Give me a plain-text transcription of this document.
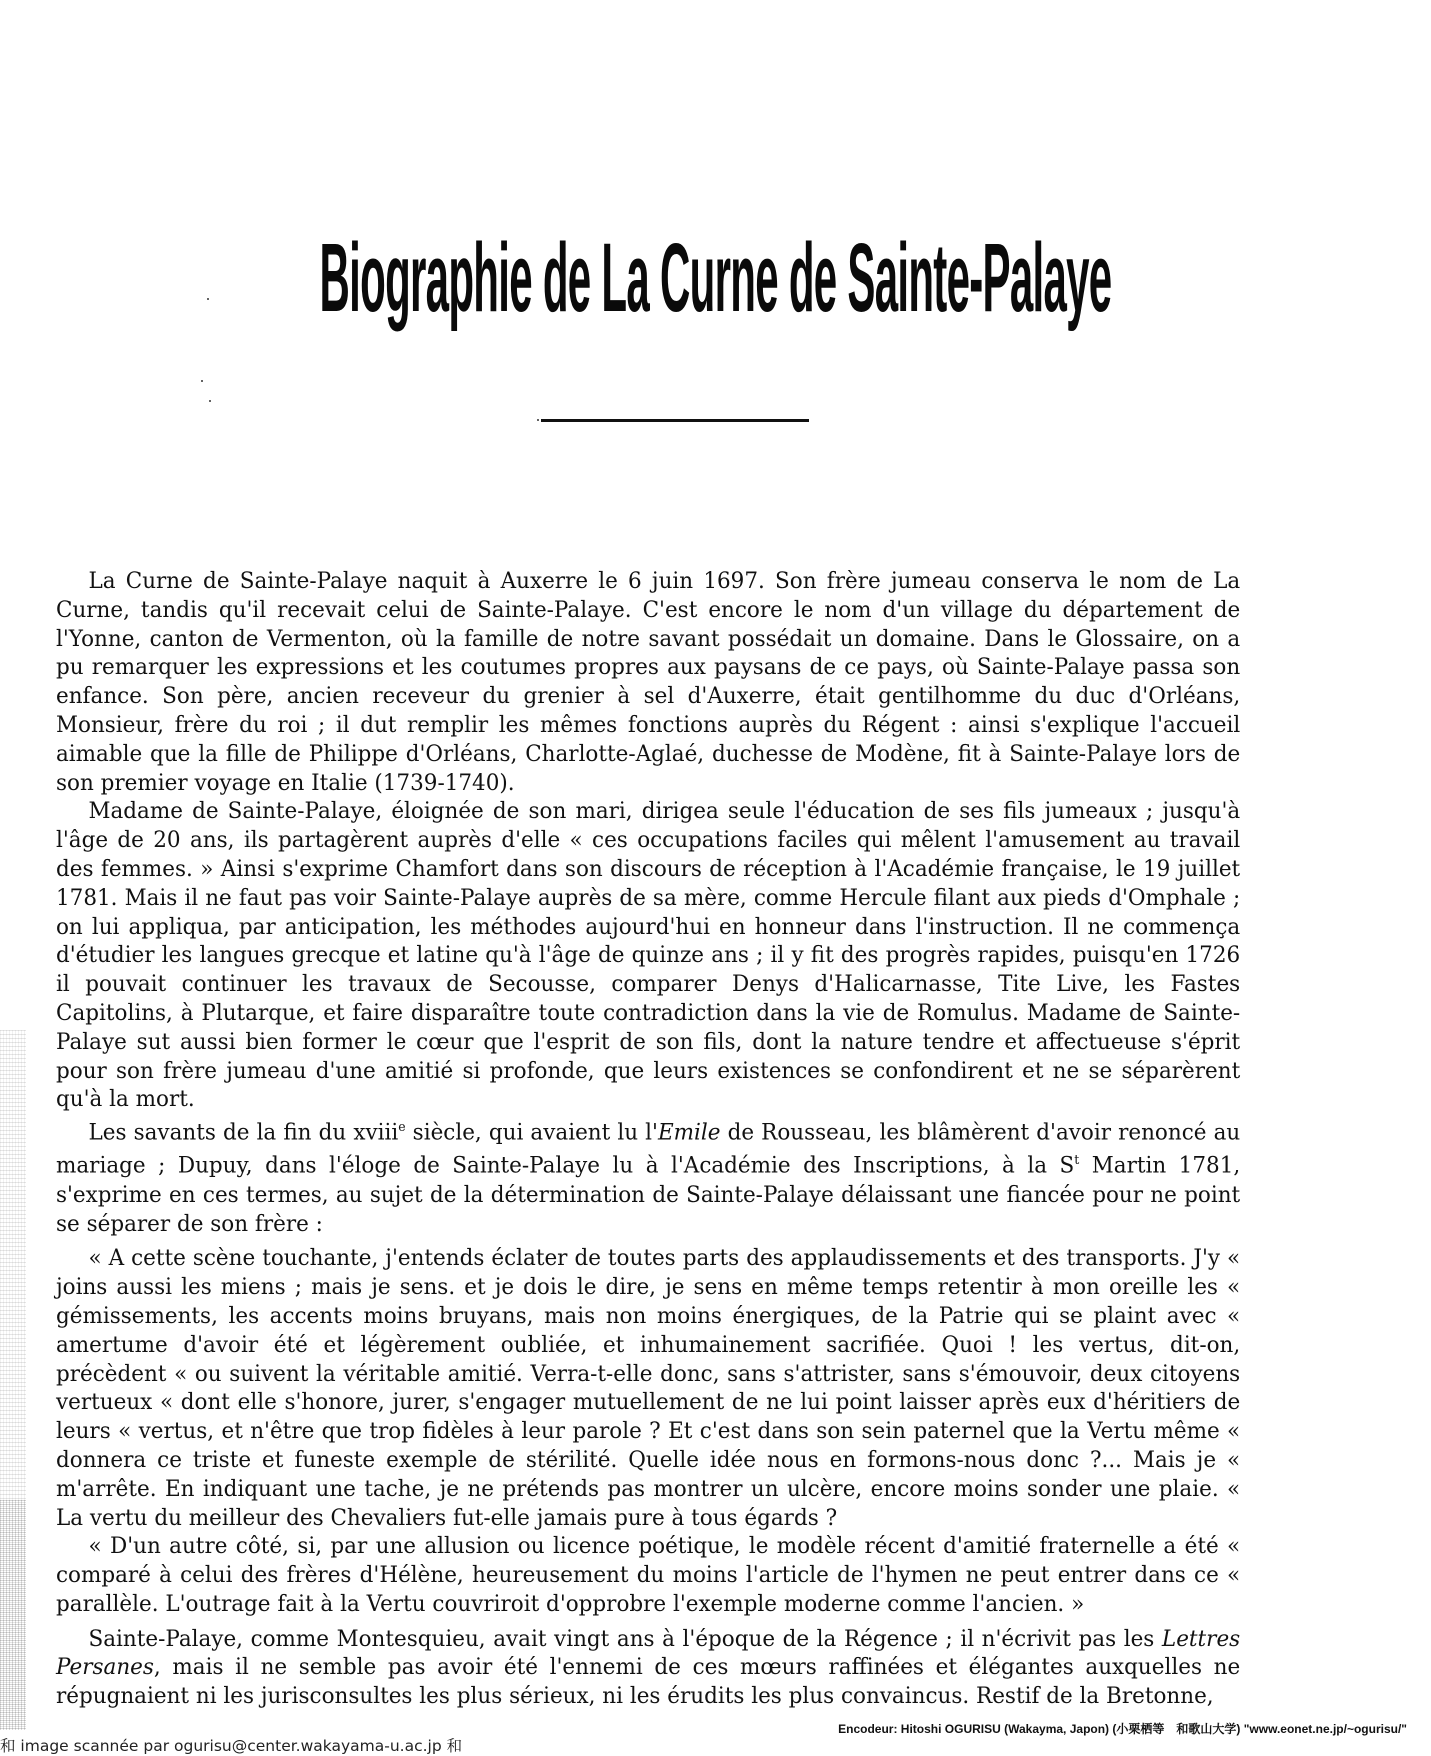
Biographie de La Curne de Sainte-Palaye

La Curne de Sainte-Palaye naquit à Auxerre le 6 juin 1697. Son frère jumeau conserva le nom de La Curne, tandis qu'il recevait celui de Sainte-Palaye. C'est encore le nom d'un village du département de l'Yonne, canton de Vermenton, où la famille de notre savant possédait un domaine. Dans le Glossaire, on a pu remarquer les expressions et les coutumes propres aux paysans de ce pays, où Sainte-Palaye passa son enfance. Son père, ancien receveur du grenier à sel d'Auxerre, était gentilhomme du duc d'Orléans, Monsieur, frère du roi ; il dut remplir les mêmes fonctions auprès du Régent : ainsi s'explique l'accueil aimable que la fille de Philippe d'Orléans, Charlotte-Aglaé, duchesse de Modène, fit à Sainte-Palaye lors de son premier voyage en Italie (1739-1740).

Madame de Sainte-Palaye, éloignée de son mari, dirigea seule l'éducation de ses fils jumeaux ; jusqu'à l'âge de 20 ans, ils partagèrent auprès d'elle « ces occupations faciles qui mêlent l'amusement au travail des femmes. » Ainsi s'exprime Chamfort dans son discours de réception à l'Académie française, le 19 juillet 1781. Mais il ne faut pas voir Sainte-Palaye auprès de sa mère, comme Hercule filant aux pieds d'Omphale ; on lui appliqua, par anticipation, les méthodes aujourd'hui en honneur dans l'instruction. Il ne commença d'étudier les langues grecque et latine qu'à l'âge de quinze ans ; il y fit des progrès rapides, puisqu'en 1726 il pouvait continuer les travaux de Secousse, comparer Denys d'Halicarnasse, Tite Live, les Fastes Capitolins, à Plutarque, et faire disparaître toute contradiction dans la vie de Romulus. Madame de Sainte-Palaye sut aussi bien former le cœur que l'esprit de son fils, dont la nature tendre et affectueuse s'éprit pour son frère jumeau d'une amitié si profonde, que leurs existences se confondirent et ne se séparèrent qu'à la mort.

Les savants de la fin du xviii$^e$ siècle, qui avaient lu l'Emile de Rousseau, les blâmèrent d'avoir renoncé au mariage ; Dupuy, dans l'éloge de Sainte-Palaye lu à l'Académie des Inscriptions, à la $S^t$ Martin 1781, s'exprime en ces termes, au sujet de la détermination de Sainte-Palaye délaissant une fiancée pour ne point se séparer de son frère :

« A cette scène touchante, j'entends éclater de toutes parts des applaudissements et des transports. J'y « joins aussi les miens ; mais je sens. et je dois le dire, je sens en même temps retentir à mon oreille les « gémissements, les accents moins bruyans, mais non moins énergiques, de la Patrie qui se plaint avec « amertume d'avoir été et légèrement oubliée, et inhumainement sacrifiée. Quoi ! les vertus, dit-on, précèdent « ou suivent la véritable amitié. Verra-t-elle donc, sans s'attrister, sans s'émouvoir, deux citoyens vertueux « dont elle s'honore, jurer, s'engager mutuellement de ne lui point laisser après eux d'héritiers de leurs « vertus, et n'être que trop fidèles à leur parole ? Et c'est dans son sein paternel que la Vertu même « donnera ce triste et funeste exemple de stérilité. Quelle idée nous en formons-nous donc ?... Mais je « m'arrête. En indiquant une tache, je ne prétends pas montrer un ulcère, encore moins sonder une plaie. « La vertu du meilleur des Chevaliers fut-elle jamais pure à tous égards ?

« D'un autre côté, si, par une allusion ou licence poétique, le modèle récent d'amitié fraternelle a été « comparé à celui des frères d'Hélène, heureusement du moins l'article de l'hymen ne peut entrer dans ce « parallèle. L'outrage fait à la Vertu couvriroit d'opprobre l'exemple moderne comme l'ancien. »

Sainte-Palaye, comme Montesquieu, avait vingt ans à l'époque de la Régence ; il n'écrivit pas les Lettres Persanes, mais il ne semble pas avoir été l'ennemi de ces mœurs raffinées et élégantes auxquelles ne répugnaient ni les jurisconsultes les plus sérieux, ni les érudits les plus convaincus. Restif de la Bretonne,

Encodeur: Hitoshi OGURISU (Wakayma, Japon) (小栗栖等　和歌山大学) "www.eonet.ne.jp/~ogurisu/"
和 image scannée par ogurisu@center.wakayama-u.ac.jp 和
